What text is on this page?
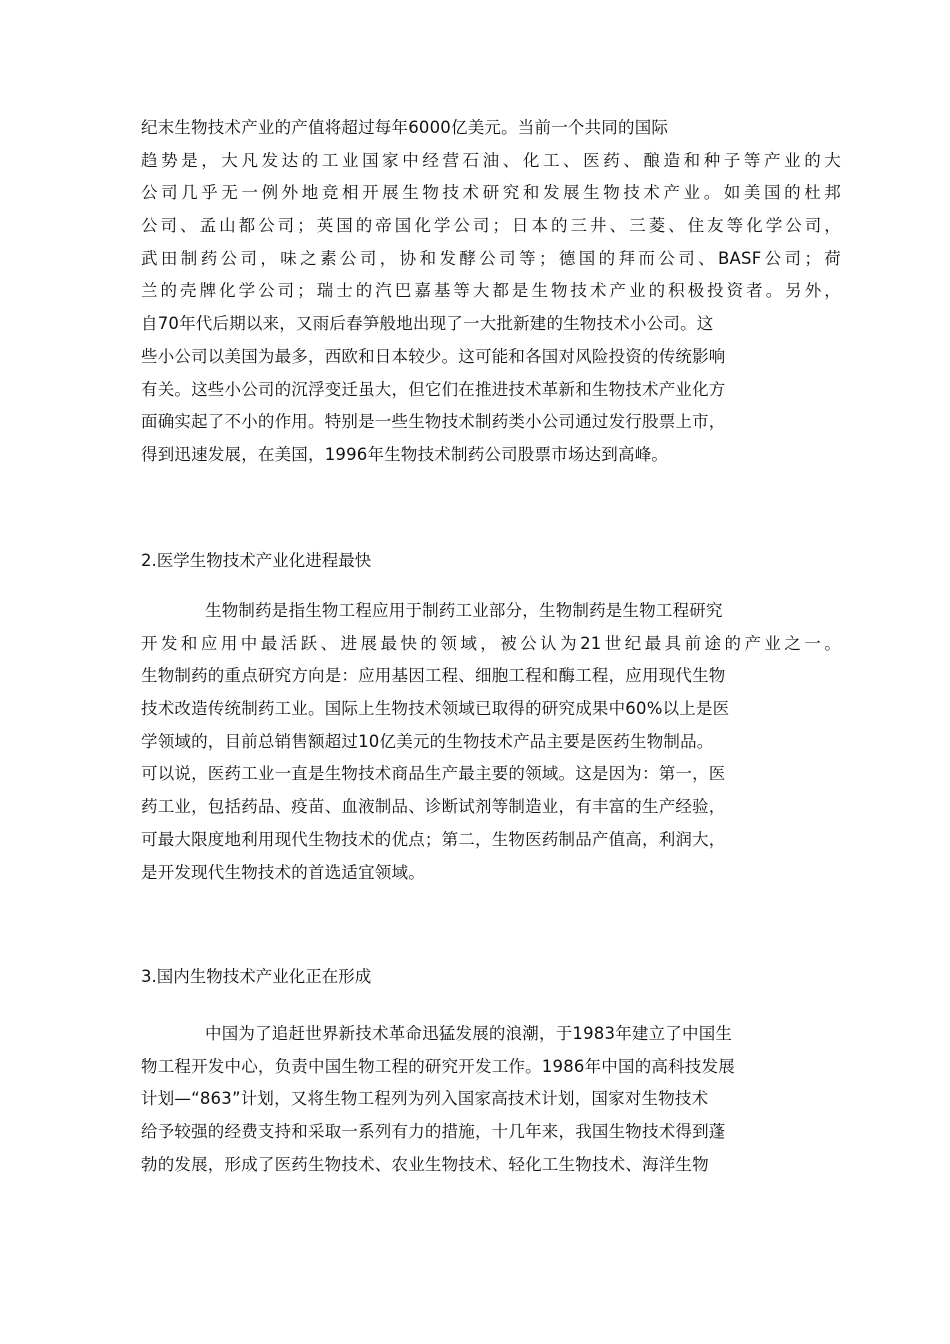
纪末生物技术产业的产值将超过每年6000亿美元。当前一个共同的国际
趋势是，大凡发达的工业国家中经营石油、化工、医药、酿造和种子等产业的大
公司几乎无一例外地竞相开展生物技术研究和发展生物技术产业。如美国的杜邦
公司、孟山都公司；英国的帝国化学公司；日本的三井、三菱、住友等化学公司，
武田制药公司，味之素公司，协和发酵公司等；德国的拜而公司、BASF公司；荷
兰的壳牌化学公司；瑞士的汽巴嘉基等大都是生物技术产业的积极投资者。另外，
自70年代后期以来，又雨后春笋般地出现了一大批新建的生物技术小公司。这
些小公司以美国为最多，西欧和日本较少。这可能和各国对风险投资的传统影响
有关。这些小公司的沉浮变迁虽大，但它们在推进技术革新和生物技术产业化方
面确实起了不小的作用。特别是一些生物技术制药类小公司通过发行股票上市，
得到迅速发展，在美国，1996年生物技术制药公司股票市场达到高峰。
2.医学生物技术产业化进程最快
生物制药是指生物工程应用于制药工业部分，生物制药是生物工程研究
开发和应用中最活跃、进展最快的领域，被公认为21世纪最具前途的产业之一。
生物制药的重点研究方向是：应用基因工程、细胞工程和酶工程，应用现代生物
技术改造传统制药工业。国际上生物技术领域已取得的研究成果中60%以上是医
学领域的，目前总销售额超过10亿美元的生物技术产品主要是医药生物制品。
可以说，医药工业一直是生物技术商品生产最主要的领域。这是因为：第一，医
药工业，包括药品、疫苗、血液制品、诊断试剂等制造业，有丰富的生产经验，
可最大限度地利用现代生物技术的优点；第二，生物医药制品产值高，利润大，
是开发现代生物技术的首选适宜领域。
3.国内生物技术产业化正在形成
中国为了追赶世界新技术革命迅猛发展的浪潮，于1983年建立了中国生
物工程开发中心，负责中国生物工程的研究开发工作。1986年中国的高科技发展
计划—“863”计划，又将生物工程列为列入国家高技术计划，国家对生物技术
给予较强的经费支持和采取一系列有力的措施，十几年来，我国生物技术得到蓬
勃的发展，形成了医药生物技术、农业生物技术、轻化工生物技术、海洋生物
